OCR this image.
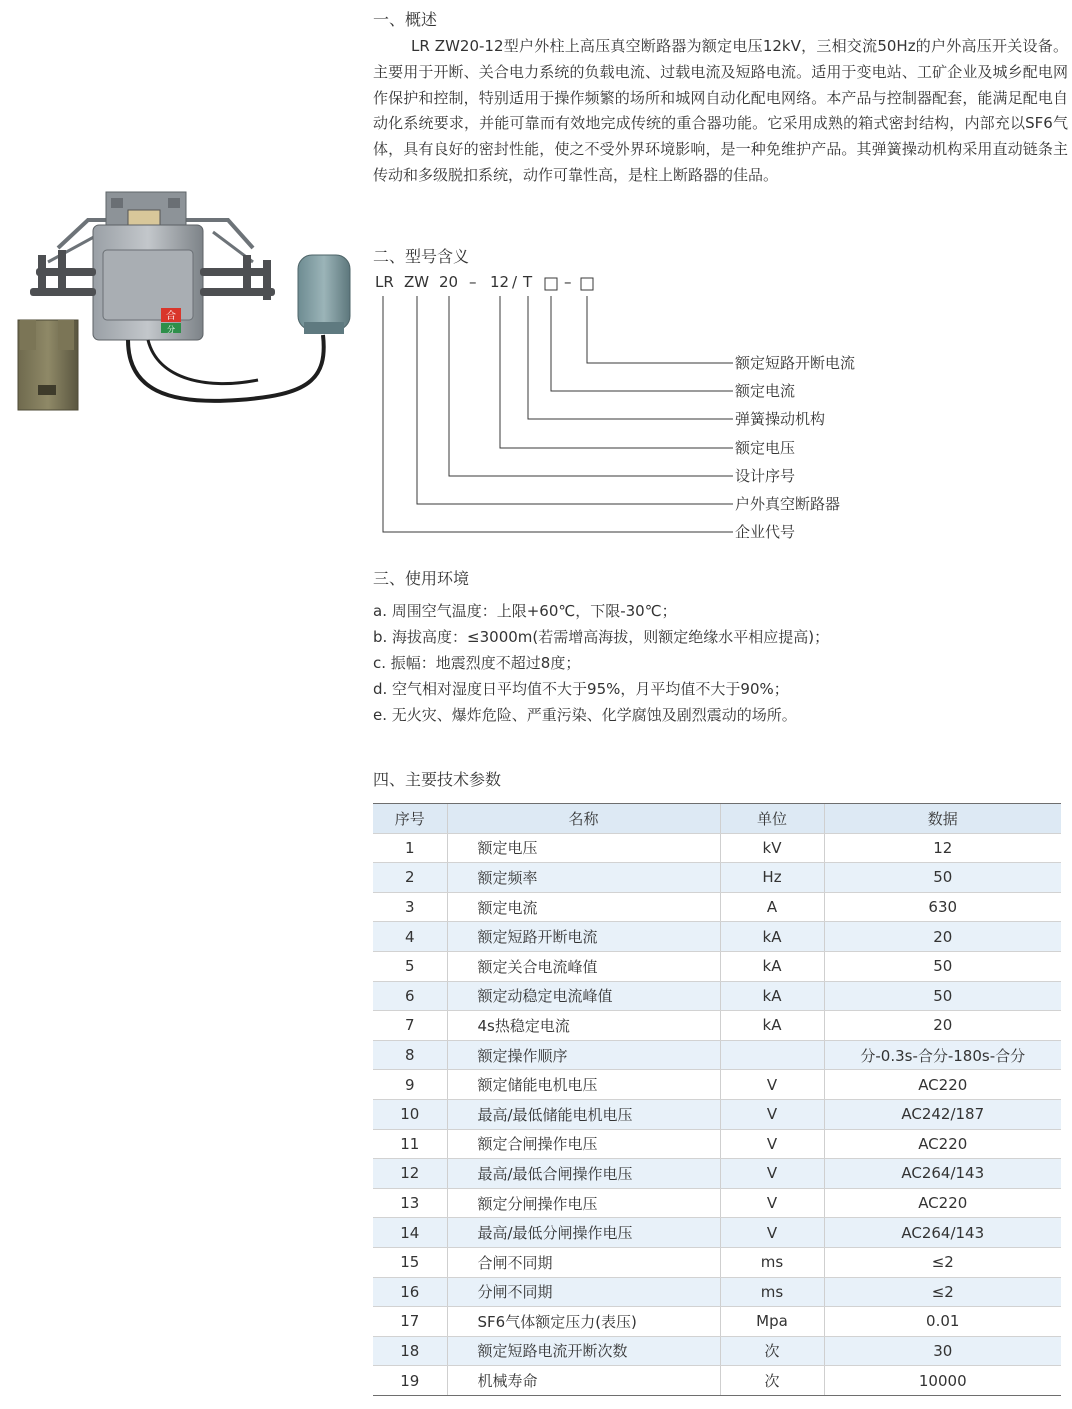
合
分
一、概述
LR ZW20-12型户外柱上高压真空断路器为额定电压12kV，三相交流50Hz的户外高压开关设备。主要用于开断、关合电力系统的负载电流、过载电流及短路电流。适用于变电站、工矿企业及城乡配电网作保护和控制，特别适用于操作频繁的场所和城网自动化配电网络。本产品与控制器配套，能满足配电自动化系统要求，并能可靠而有效地完成传统的重合器功能。它采用成熟的箱式密封结构，内部充以SF6气体，具有良好的密封性能，使之不受外界环境影响，是一种免维护产品。其弹簧操动机构采用直动链条主传动和多级脱扣系统，动作可靠性高，是柱上断路器的佳品。
二、型号含义
LR ZW 20 – 12 / T –
额定短路开断电流
额定电流
弹簧操动机构
额定电压
设计序号
户外真空断路器
企业代号
三、使用环境
a. 周围空气温度：上限+60℃，下限-30℃；
b. 海拔高度：≤3000m(若需增高海拔，则额定绝缘水平相应提高)；
c. 振幅：地震烈度不超过8度；
d. 空气相对湿度日平均值不大于95%，月平均值不大于90%；
e. 无火灾、爆炸危险、严重污染、化学腐蚀及剧烈震动的场所。
四、主要技术参数
序号	名称	单位	数据
1	额定电压	kV	12
2	额定频率	Hz	50
3	额定电流	A	630
4	额定短路开断电流	kA	20
5	额定关合电流峰值	kA	50
6	额定动稳定电流峰值	kA	50
7	4s热稳定电流	kA	20
8	额定操作顺序		分-0.3s-合分-180s-合分
9	额定储能电机电压	V	AC220
10	最高/最低储能电机电压	V	AC242/187
11	额定合闸操作电压	V	AC220
12	最高/最低合闸操作电压	V	AC264/143
13	额定分闸操作电压	V	AC220
14	最高/最低分闸操作电压	V	AC264/143
15	合闸不同期	ms	≤2
16	分闸不同期	ms	≤2
17	SF6气体额定压力(表压)	Mpa	0.01
18	额定短路电流开断次数	次	30
19	机械寿命	次	10000
